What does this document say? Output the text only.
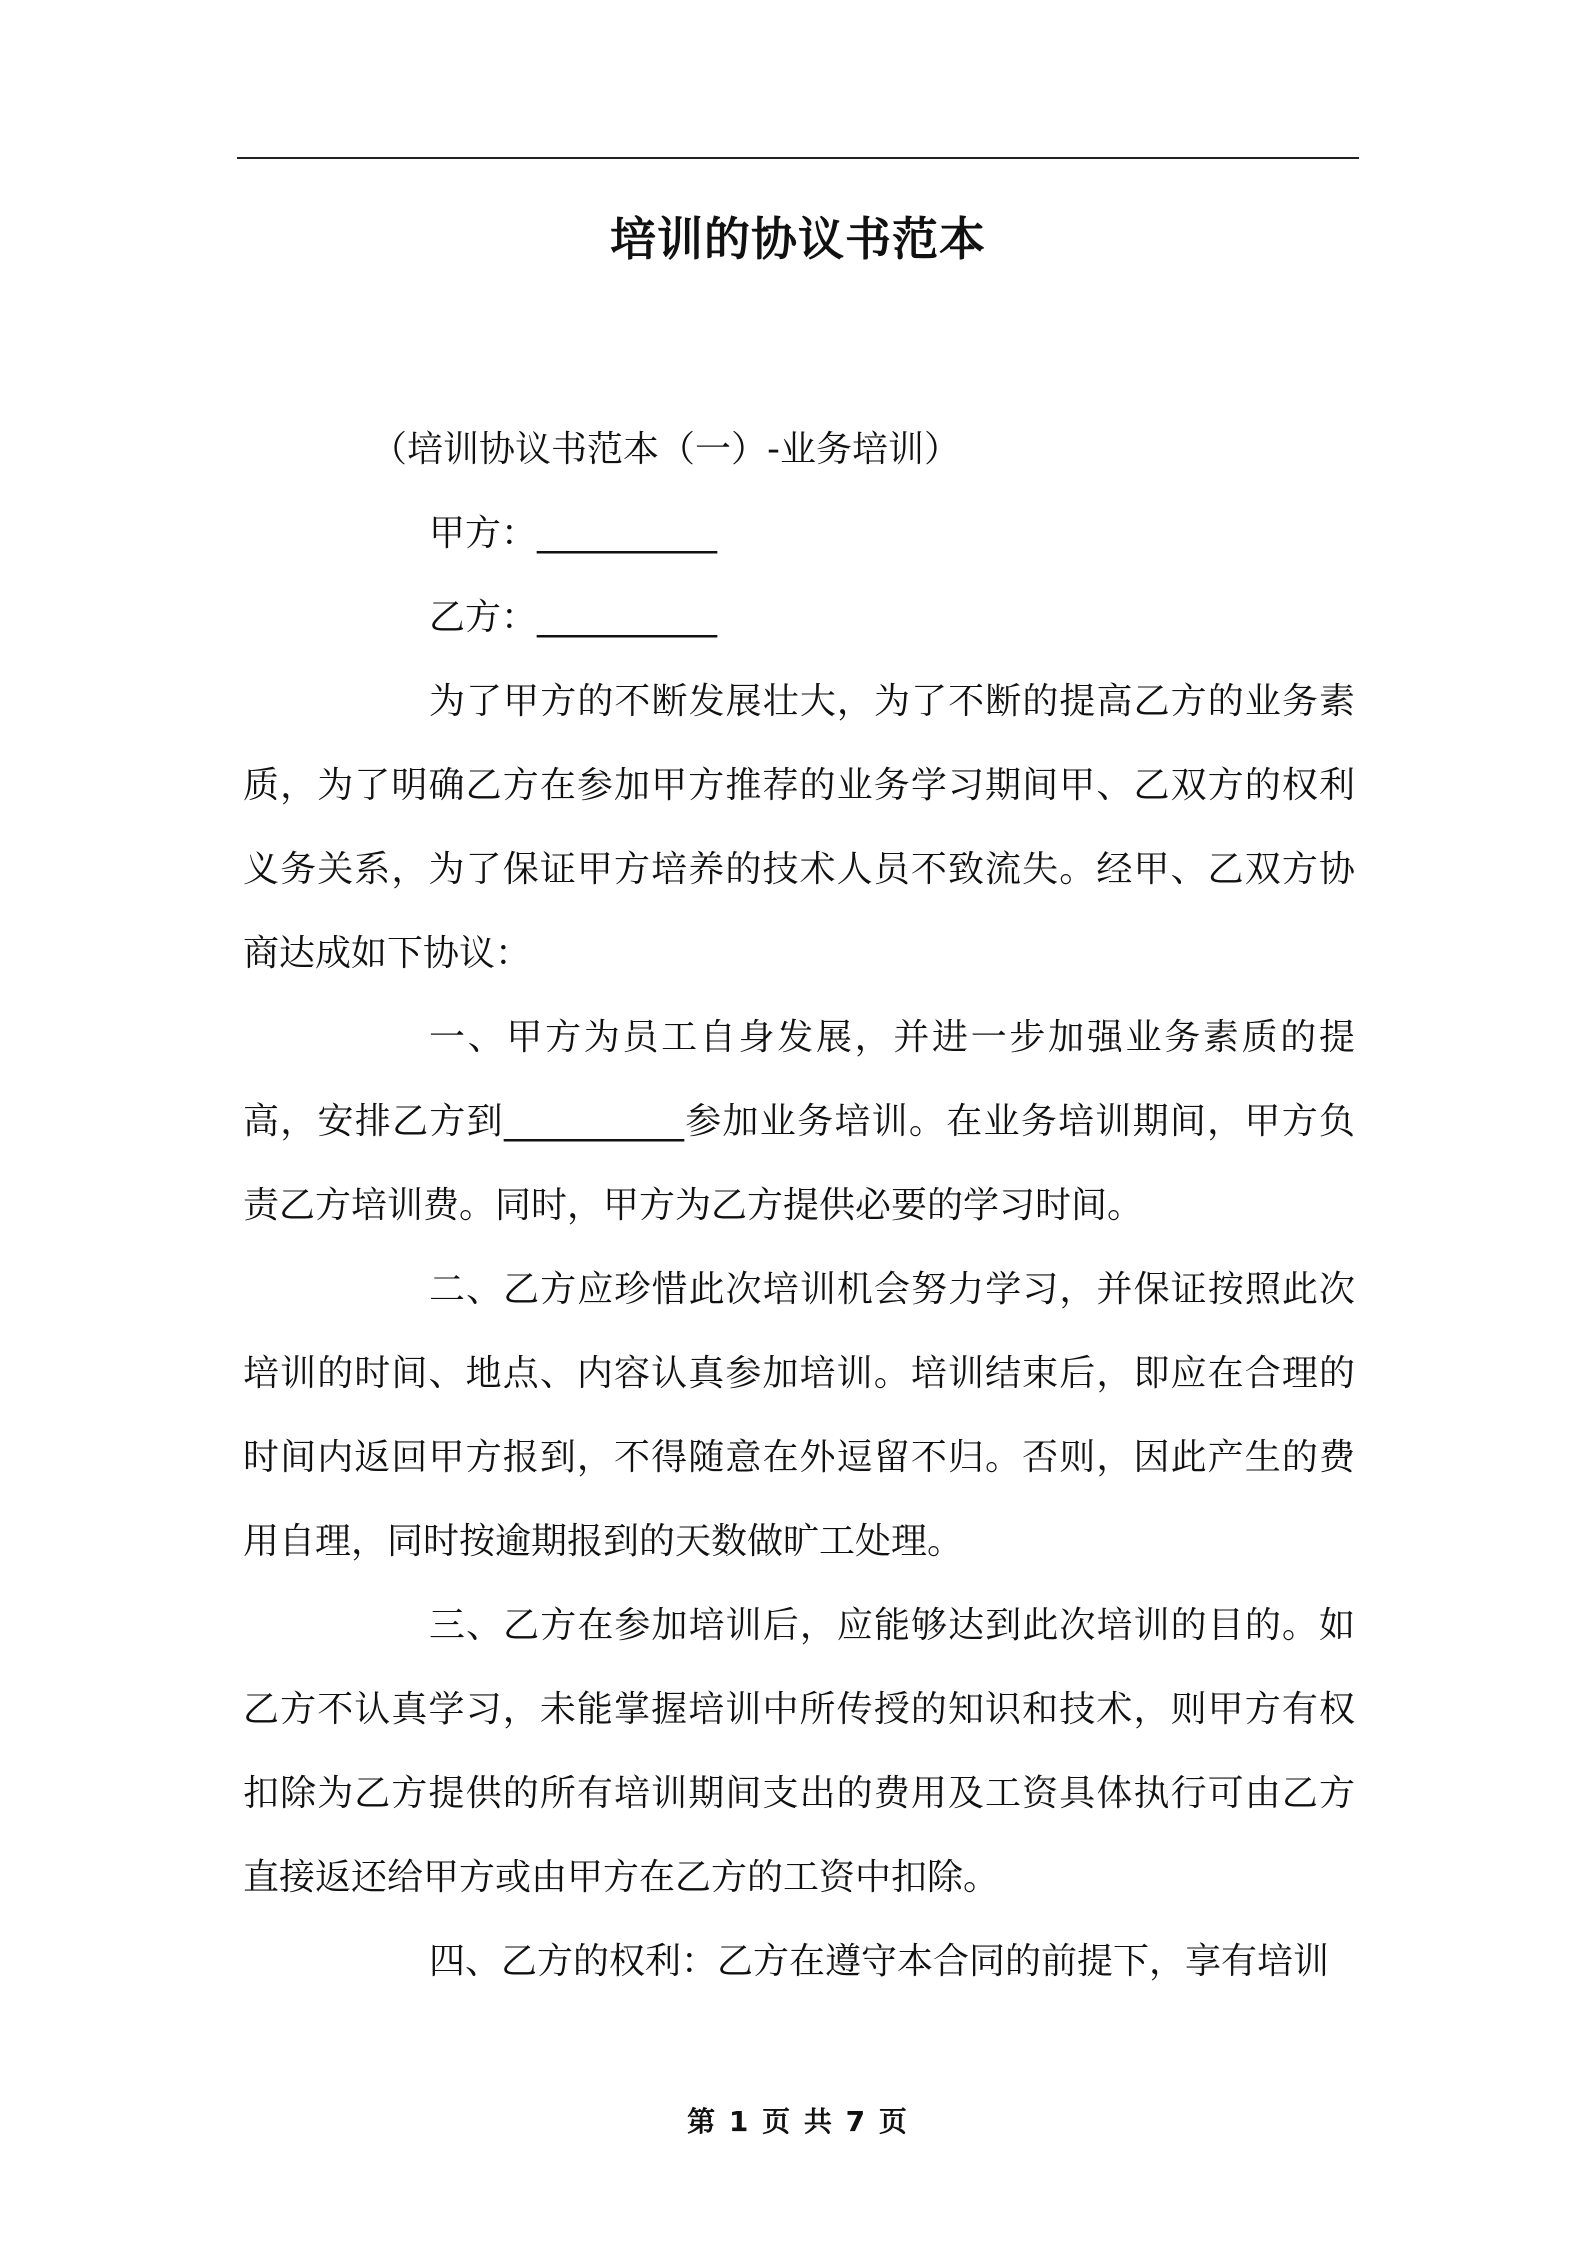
培训的协议书范本

（培训协议书范本（一）-业务培训）

甲方：__________

乙方：__________

为了甲方的不断发展壮大，为了不断的提高乙方的业务素质，为了明确乙方在参加甲方推荐的业务学习期间甲、乙双方的权利义务关系，为了保证甲方培养的技术人员不致流失。经甲、乙双方协商达成如下协议：

一、甲方为员工自身发展，并进一步加强业务素质的提高，安排乙方到__________参加业务培训。在业务培训期间，甲方负责乙方培训费。同时，甲方为乙方提供必要的学习时间。

二、乙方应珍惜此次培训机会努力学习，并保证按照此次培训的时间、地点、内容认真参加培训。培训结束后，即应在合理的时间内返回甲方报到，不得随意在外逗留不归。否则，因此产生的费用自理，同时按逾期报到的天数做旷工处理。

三、乙方在参加培训后，应能够达到此次培训的目的。如乙方不认真学习，未能掌握培训中所传授的知识和技术，则甲方有权扣除为乙方提供的所有培训期间支出的费用及工资具体执行可由乙方直接返还给甲方或由甲方在乙方的工资中扣除。

四、乙方的权利：乙方在遵守本合同的前提下，享有培训

第 1 页 共 7 页
